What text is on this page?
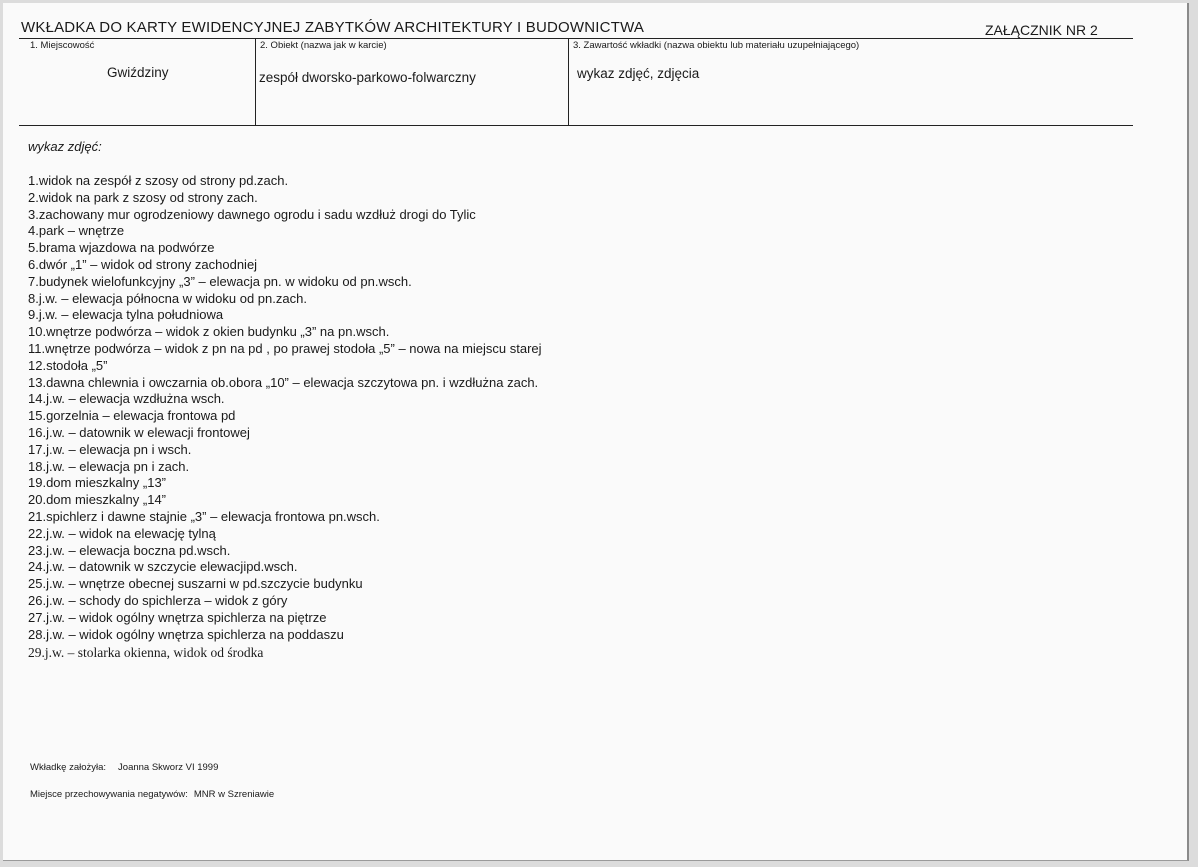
WKŁADKA DO KARTY EWIDENCYJNEJ ZABYTKÓW ARCHITEKTURY I BUDOWNICTWA	ZAŁĄCZNIK NR 2
1. Miejscowość	2. Obiekt (nazwa jak w karcie)	3. Zawartość wkładki (nazwa obiektu lub materiału uzupełniającego)
Gwiździny	zespół dworsko-parkowo-folwarczny	wykaz zdjęć, zdjęcia
wykaz zdjęć:
1.widok na zespół z szosy od strony pd.zach.
2.widok na park z szosy od strony zach.
3.zachowany mur ogrodzeniowy dawnego ogrodu i sadu wzdłuż drogi do Tylic
4.park – wnętrze
5.brama wjazdowa na podwórze
6.dwór „1” – widok od strony zachodniej
7.budynek wielofunkcyjny „3” – elewacja pn. w widoku od pn.wsch.
8.j.w. – elewacja północna w widoku od pn.zach.
9.j.w. – elewacja tylna południowa
10.wnętrze podwórza – widok z okien budynku „3” na pn.wsch.
11.wnętrze podwórza – widok z pn na pd , po prawej stodoła „5” – nowa na miejscu starej
12.stodoła „5”
13.dawna chlewnia i owczarnia ob.obora „10” – elewacja szczytowa pn. i wzdłużna zach.
14.j.w. – elewacja wzdłużna wsch.
15.gorzelnia – elewacja frontowa pd
16.j.w. – datownik w elewacji frontowej
17.j.w. – elewacja pn i wsch.
18.j.w. – elewacja pn i zach.
19.dom mieszkalny „13”
20.dom mieszkalny „14”
21.spichlerz i dawne stajnie „3” – elewacja frontowa pn.wsch.
22.j.w. – widok na elewację tylną
23.j.w. – elewacja boczna pd.wsch.
24.j.w. – datownik w szczycie elewacjipd.wsch.
25.j.w. – wnętrze obecnej suszarni w pd.szczycie budynku
26.j.w. – schody do spichlerza – widok z góry
27.j.w. – widok ogólny wnętrza spichlerza na piętrze
28.j.w. – widok ogólny wnętrza spichlerza na poddaszu
29.j.w. – stolarka okienna, widok od środka
Wkładkę założyła: Joanna Skworz VI 1999
Miejsce przechowywania negatywów: MNR w Szreniawie
